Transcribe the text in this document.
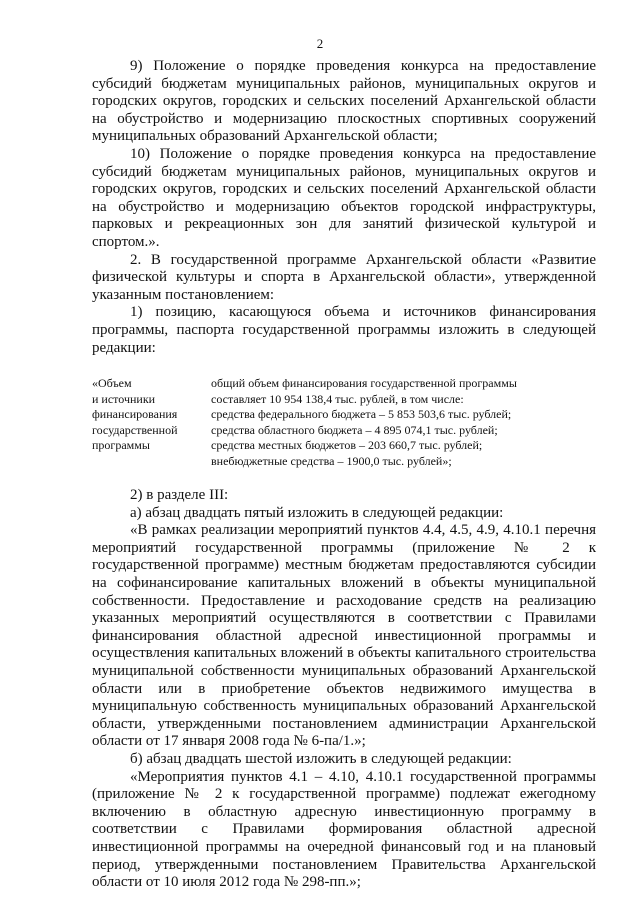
2

9) Положение о порядке проведения конкурса на предоставление субсидий бюджетам муниципальных районов, муниципальных округов и городских округов, городских и сельских поселений Архангельской области на обустройство и модернизацию плоскостных спортивных сооружений муниципальных образований Архангельской области;

10) Положение о порядке проведения конкурса на предоставление субсидий бюджетам муниципальных районов, муниципальных округов и городских округов, городских и сельских поселений Архангельской области на обустройство и модернизацию объектов городской инфраструктуры, парковых и рекреационных зон для занятий физической культурой и спортом.».

2. В государственной программе Архангельской области «Развитие физической культуры и спорта в Архангельской области», утвержденной указанным постановлением:

1) позицию, касающуюся объема и источников финансирования программы, паспорта государственной программы изложить в следующей редакции:

«Объем
и источники
финансирования
государственной
программы
общий объем финансирования государственной программы
составляет 10 954 138,4 тыс. рублей, в том числе:
средства федерального бюджета – 5 853 503,6 тыс. рублей;
средства областного бюджета – 4 895 074,1 тыс. рублей;
средства местных бюджетов – 203 660,7 тыс. рублей;
внебюджетные средства – 1900,0 тыс. рублей»;

2) в разделе III:

а) абзац двадцать пятый изложить в следующей редакции:

«В рамках реализации мероприятий пунктов 4.4, 4.5, 4.9, 4.10.1 перечня мероприятий государственной программы (приложение № 2 к государственной программе) местным бюджетам предоставляются субсидии на софинансирование капитальных вложений в объекты муниципальной собственности. Предоставление и расходование средств на реализацию указанных мероприятий осуществляются в соответствии с Правилами финансирования областной адресной инвестиционной программы и осуществления капитальных вложений в объекты капитального строительства муниципальной собственности муниципальных образований Архангельской области или в приобретение объектов недвижимого имущества в муниципальную собственность муниципальных образований Архангельской области, утвержденными постановлением администрации Архангельской области от 17 января 2008 года № 6-па/1.»;

б) абзац двадцать шестой изложить в следующей редакции:

«Мероприятия пунктов 4.1 – 4.10, 4.10.1 государственной программы (приложение № 2 к государственной программе) подлежат ежегодному включению в областную адресную инвестиционную программу в соответствии с Правилами формирования областной адресной инвестиционной программы на очередной финансовый год и на плановый период, утвержденными постановлением Правительства Архангельской области от 10 июля 2012 года № 298-пп.»;
